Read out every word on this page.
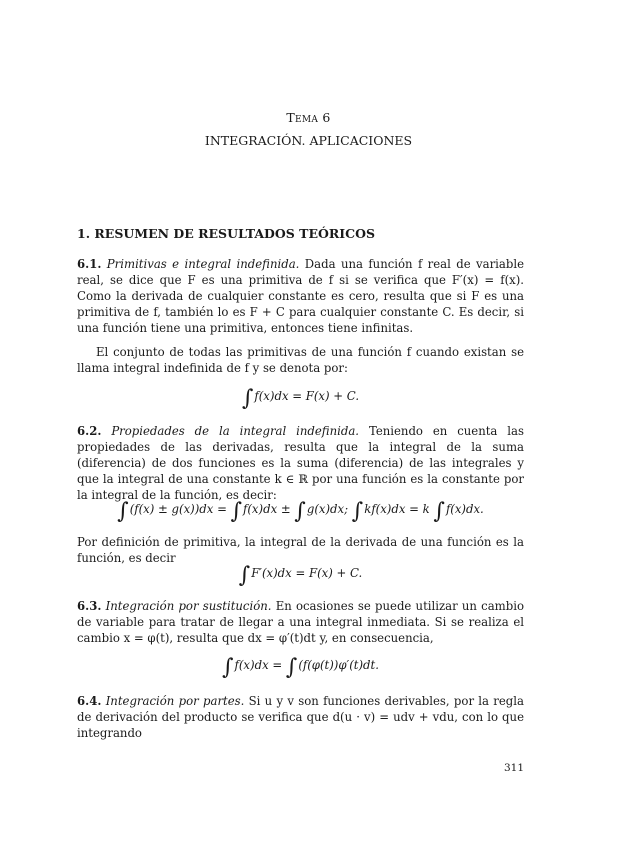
Tema 6
INTEGRACIÓN. APLICACIONES
1. RESUMEN DE RESULTADOS TEÓRICOS
6.1. Primitivas e integral indefinida. Dada una función f real de variable real, se dice que F es una primitiva de f si se verifica que F′(x) = f(x). Como la derivada de cualquier constante es cero, resulta que si F es una primitiva de f, también lo es F + C para cualquier constante C. Es decir, si una función tiene una primitiva, entonces tiene infinitas.
El conjunto de todas las primitivas de una función f cuando existan se llama integral indefinida de f y se denota por:
∫f(x)dx = F(x) + C.
6.2. Propiedades de la integral indefinida. Teniendo en cuenta las propiedades de las derivadas, resulta que la integral de la suma (diferencia) de dos funciones es la suma (diferencia) de las integrales y que la integral de una constante k ∈ ℝ por una función es la constante por la integral de la función, es decir:
∫(f(x) ± g(x))dx = ∫f(x)dx ± ∫g(x)dx; ∫kf(x)dx = k ∫f(x)dx.
Por definición de primitiva, la integral de la derivada de una función es la función, es decir
∫F′(x)dx = F(x) + C.
6.3. Integración por sustitución. En ocasiones se puede utilizar un cambio de variable para tratar de llegar a una integral inmediata. Si se realiza el cambio x = φ(t), resulta que dx = φ′(t)dt y, en consecuencia,
∫f(x)dx = ∫(f(φ(t))φ′(t)dt.
6.4. Integración por partes. Si u y v son funciones derivables, por la regla de derivación del producto se verifica que d(u · v) = udv + vdu, con lo que integrando
311
